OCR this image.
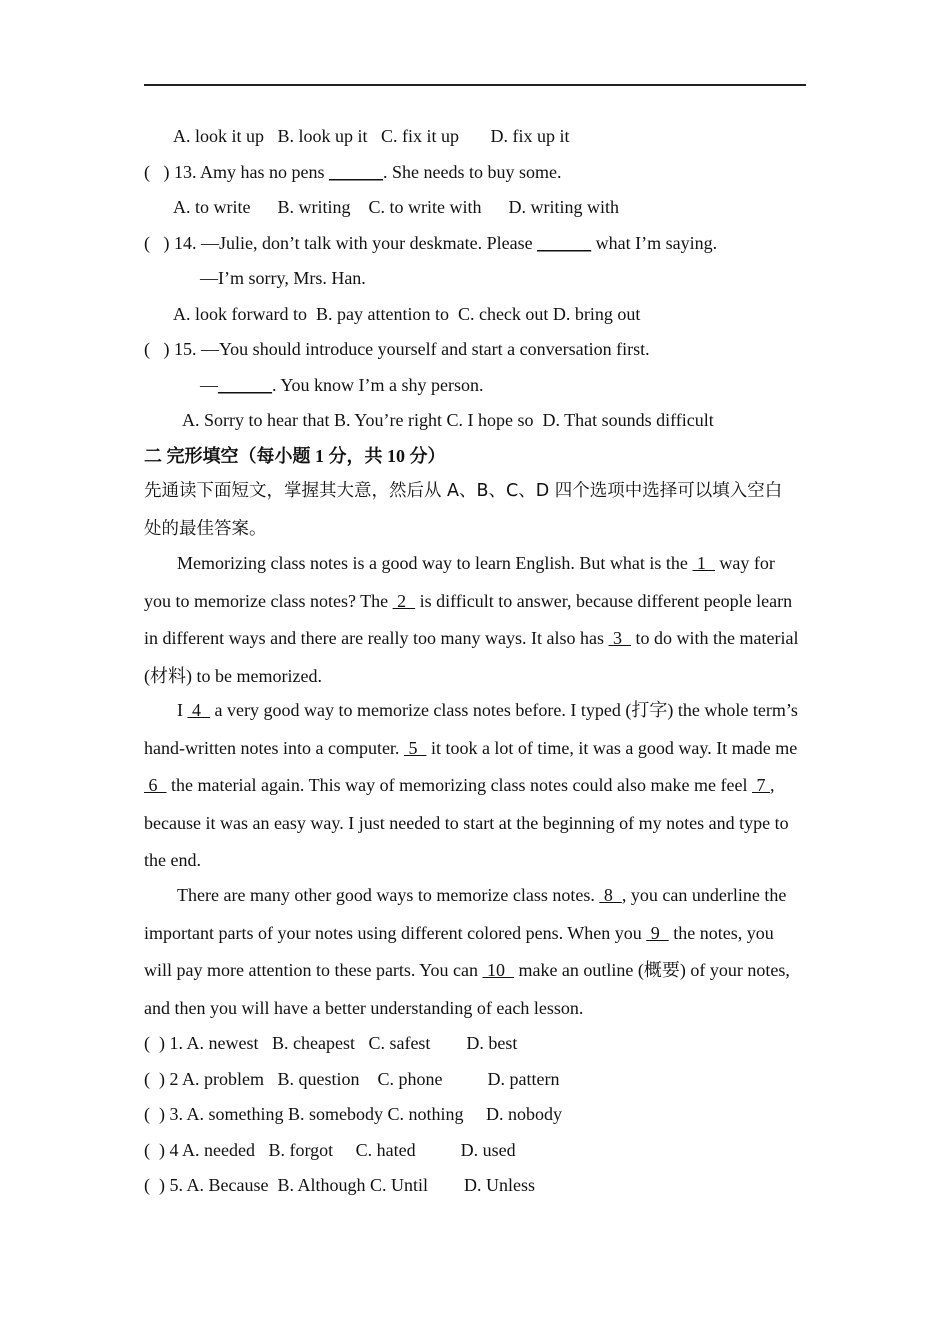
A. look it up   B. look up it   C. fix it up       D. fix up it
(   ) 13. Amy has no pens ______. She needs to buy some.
A. to write      B. writing    C. to write with      D. writing with
(   ) 14. —Julie, don’t talk with your deskmate. Please ______ what I’m saying.
—I’m sorry, Mrs. Han.
A. look forward to  B. pay attention to  C. check out D. bring out
(   ) 15. —You should introduce yourself and start a conversation first.
—______. You know I’m a shy person.
A. Sorry to hear that B. You’re right C. I hope so  D. That sounds difficult
二 完形填空（每小题 1 分，共 10 分）
先通读下面短文，掌握其大意，然后从 A、B、C、D 四个选项中选择可以填入空白
处的最佳答案。
Memorizing class notes is a good way to learn English. But what is the  1   way for you to memorize class notes? The  2   is difficult to answer, because different people learn in different ways and there are really too many ways. It also has  3   to do with the material (材料) to be memorized.
I  4   a very good way to memorize class notes before. I typed (打字) the whole term’s hand-written notes into a computer.  5   it took a lot of time, it was a good way. It made me  6   the material again. This way of memorizing class notes could also make me feel  7 , because it was an easy way. I just needed to start at the beginning of my notes and type to the end.
There are many other good ways to memorize class notes.  8  , you can underline the important parts of your notes using different colored pens. When you  9   the notes, you will pay more attention to these parts. You can  10   make an outline (概要) of your notes, and then you will have a better understanding of each lesson.
(  ) 1. A. newest   B. cheapest   C. safest        D. best
(  ) 2 A. problem   B. question    C. phone          D. pattern
(  ) 3. A. something B. somebody C. nothing     D. nobody
(  ) 4 A. needed   B. forgot     C. hated          D. used
(  ) 5. A. Because  B. Although C. Until        D. Unless
